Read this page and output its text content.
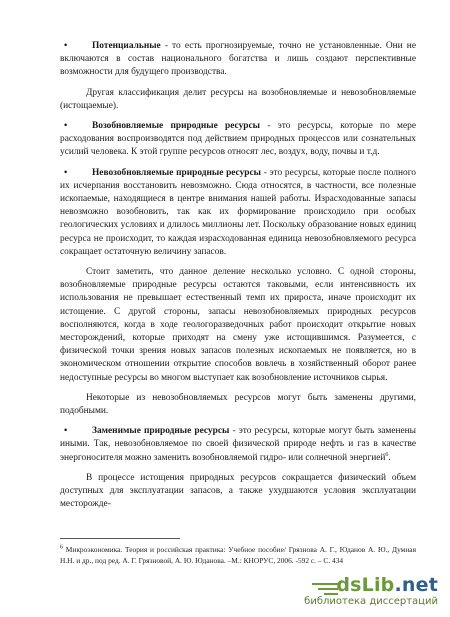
•	Потенциальные - то есть прогнозируемые, точно не установленные. Они не включаются в состав национального богатства и лишь создают перспективные возможности для будущего производства.

Другая классификация делит ресурсы на возобновляемые и невозобновляемые (истощаемые).

•	Возобновляемые природные ресурсы - это ресурсы, которые по мере расходования воспроизводятся под действием природных процессов или сознательных усилий человека. К этой группе ресурсов относят лес, воздух, воду, почвы и т.д.

•	Невозобновляемые природные ресурсы - это ресурсы, которые после полного их исчерпания восстановить невозможно. Сюда относятся, в частности, все полезные ископаемые, находящиеся в центре внимания нашей работы. Израсходованные запасы невозможно возобновить, так как их формирование происходило при особых геологических условиях и длилось миллионы лет. Поскольку образование новых единиц ресурса не происходит, то каждая израсходованная единица невозобновляемого ресурса сокращает остаточную величину запасов.

Стоит заметить, что данное деление несколько условно. С одной стороны, возобновляемые природные ресурсы остаются таковыми, если интенсивность их использования не превышает естественный темп их прироста, иначе происходит их истощение. С другой стороны, запасы невозобновляемых природных ресурсов восполняются, когда в ходе геологоразведочных работ происходит открытие новых месторождений, которые приходят на смену уже истощившимся. Разумеется, с физической точки зрения новых запасов полезных ископаемых не появляется, но в экономическом отношении открытие способов вовлечь в хозяйственный оборот ранее недоступные ресурсы во многом выступает как возобновление источников сырья.

Некоторые из невозобновляемых ресурсов могут быть заменены другими, подобными.

•	Заменимые природные ресурсы - это ресурсы, которые могут быть заменены иными. Так, невозобновляемое по своей физической природе нефть и газ в качестве энергоносителя можно заменить возобновляемой гидро- или солнечной энергией$^6$.

В процессе истощения природных ресурсов сокращается физический объем доступных для эксплуатации запасов, а также ухудшаются условия эксплуатации месторожде-

$^6$ Микроэкономика. Теория и российская практика: Учебное пособие/ Грязнова А. Г., Юданов А. Ю., Думная Н.Н. и др., под ред. А. Г. Грязновой, А. Ю. Юданова. –М.: КНОРУС, 2006. -592 с. – С. 434
dsLib.net
библиотека диссертаций
